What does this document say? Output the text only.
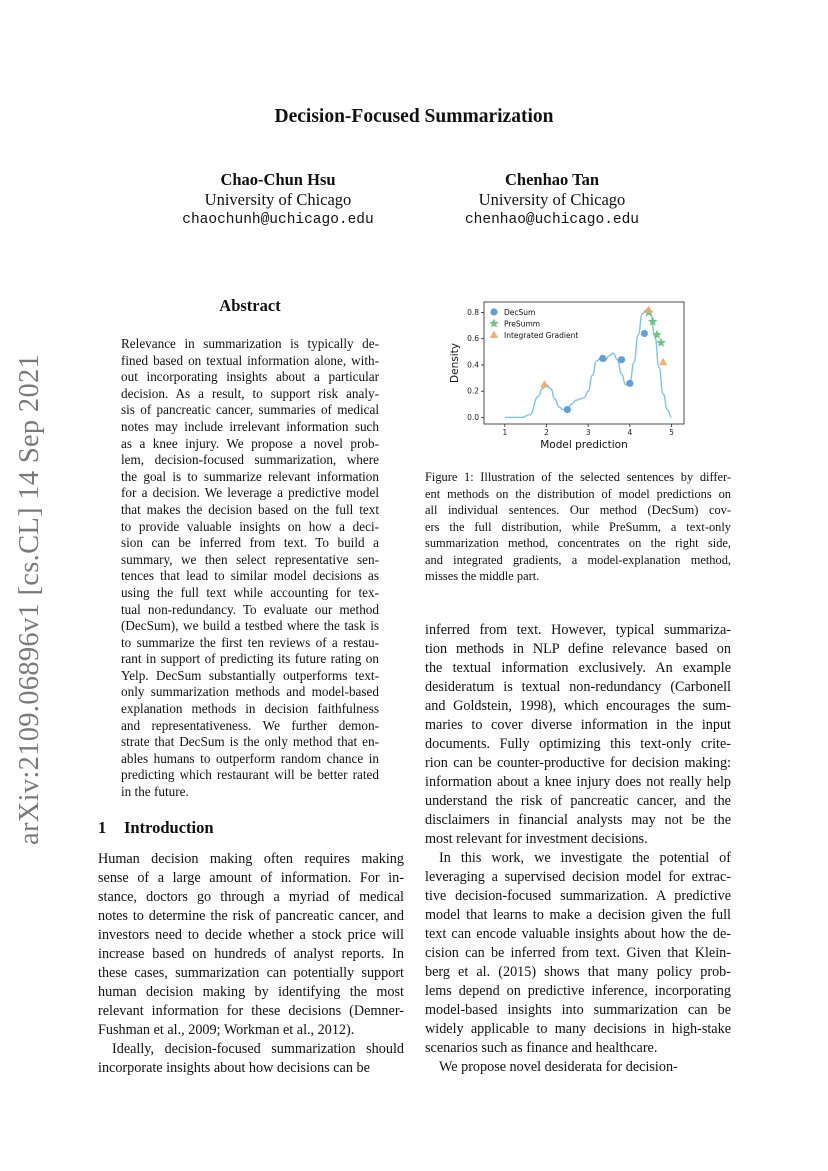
Decision-Focused Summarization
Chao-Chun Hsu
University of Chicago
chaochunh@uchicago.edu
Chenhao Tan
University of Chicago
chenhao@uchicago.edu
arXiv:2109.06896v1 [cs.CL] 14 Sep 2021
Abstract
Relevance in summarization is typically de-
fined based on textual information alone, with-
out incorporating insights about a particular
decision. As a result, to support risk analy-
sis of pancreatic cancer, summaries of medical
notes may include irrelevant information such
as a knee injury. We propose a novel prob-
lem, decision-focused summarization, where
the goal is to summarize relevant information
for a decision. We leverage a predictive model
that makes the decision based on the full text
to provide valuable insights on how a deci-
sion can be inferred from text. To build a
summary, we then select representative sen-
tences that lead to similar model decisions as
using the full text while accounting for tex-
tual non-redundancy. To evaluate our method
(DecSum), we build a testbed where the task is
to summarize the first ten reviews of a restau-
rant in support of predicting its future rating on
Yelp. DecSum substantially outperforms text-
only summarization methods and model-based
explanation methods in decision faithfulness
and representativeness. We further demon-
strate that DecSum is the only method that en-
ables humans to outperform random chance in
predicting which restaurant will be better rated
in the future.
1 Introduction
Human decision making often requires making
sense of a large amount of information. For in-
stance, doctors go through a myriad of medical
notes to determine the risk of pancreatic cancer, and
investors need to decide whether a stock price will
increase based on hundreds of analyst reports. In
these cases, summarization can potentially support
human decision making by identifying the most
relevant information for these decisions (Demner-
Fushman et al., 2009; Workman et al., 2012).
Ideally, decision-focused summarization should
incorporate insights about how decisions can be
inferred from text. However, typical summariza-
tion methods in NLP define relevance based on
the textual information exclusively. An example
desideratum is textual non-redundancy (Carbonell
and Goldstein, 1998), which encourages the sum-
maries to cover diverse information in the input
documents. Fully optimizing this text-only crite-
rion can be counter-productive for decision making:
information about a knee injury does not really help
understand the risk of pancreatic cancer, and the
disclaimers in financial analysts may not be the
most relevant for investment decisions.
In this work, we investigate the potential of
leveraging a supervised decision model for extrac-
tive decision-focused summarization. A predictive
model that learns to make a decision given the full
text can encode valuable insights about how the de-
cision can be inferred from text. Given that Klein-
berg et al. (2015) shows that many policy prob-
lems depend on predictive inference, incorporating
model-based insights into summarization can be
widely applicable to many decisions in high-stake
scenarios such as finance and healthcare.
We propose novel desiderata for decision-
1	2	3	4	5
0.0
0.2
0.4
0.6
0.8
Model prediction
Density
DecSum
PreSumm
Integrated Gradient
Figure 1: Illustration of the selected sentences by differ-
ent methods on the distribution of model predictions on
all individual sentences. Our method (DecSum) cov-
ers the full distribution, while PreSumm, a text-only
summarization method, concentrates on the right side,
and integrated gradients, a model-explanation method,
misses the middle part.
